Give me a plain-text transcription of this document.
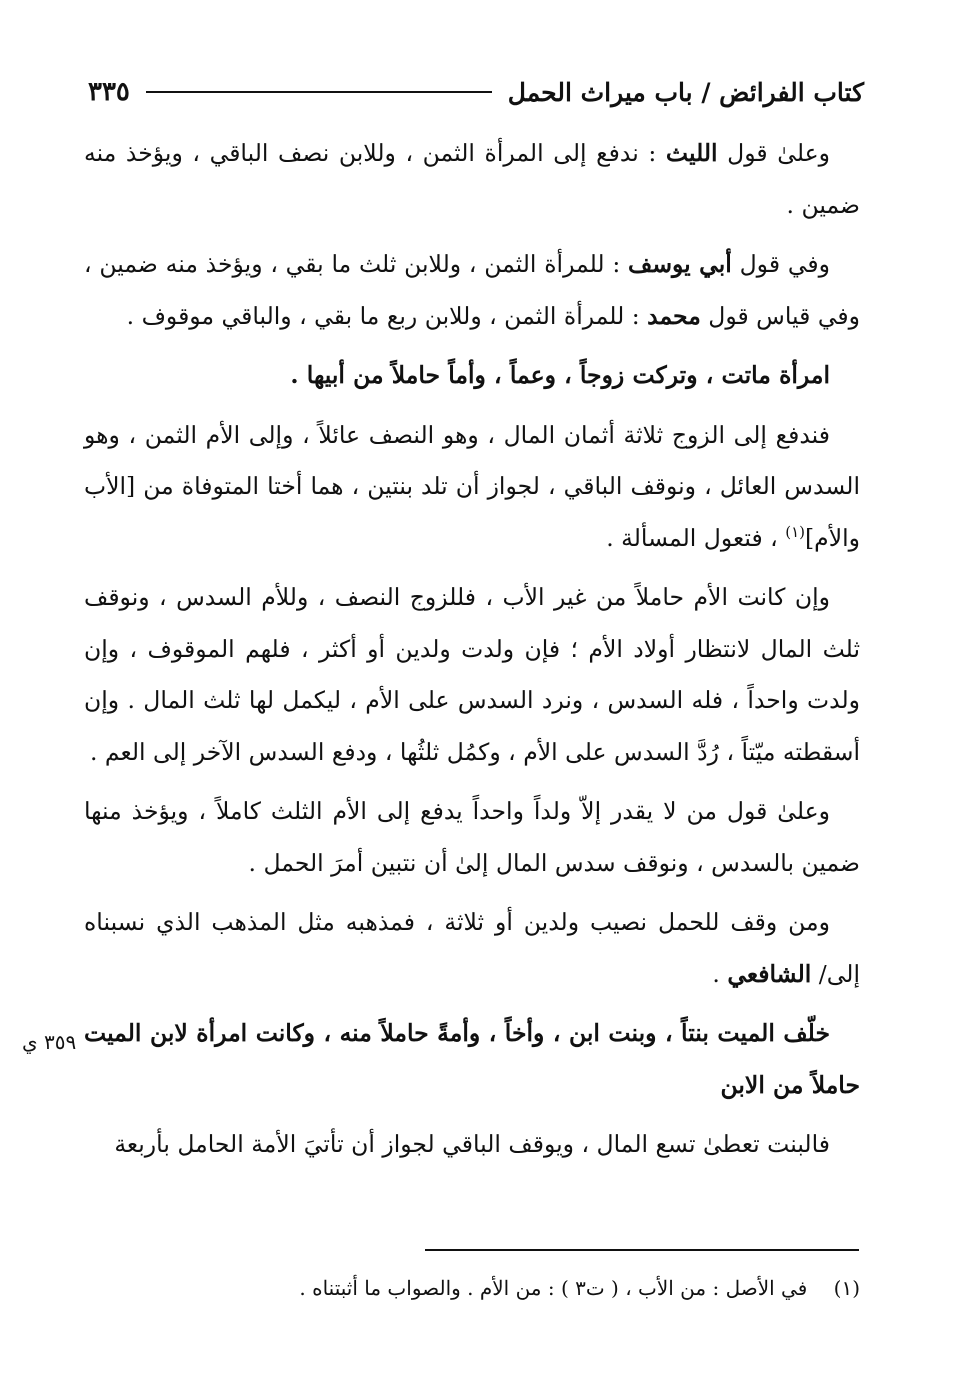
كتاب الفرائض / باب ميراث الحمل
٣٣٥

وعلىٰ قول الليث : ندفع إلى المرأة الثمن ، وللابن نصف الباقي ، ويؤخذ منه ضمين .

وفي قول أبي يوسف : للمرأة الثمن ، وللابن ثلث ما بقي ، ويؤخذ منه ضمين ، وفي قياس قول محمد : للمرأة الثمن ، وللابن ربع ما بقي ، والباقي موقوف .

امرأة ماتت ، وتركت زوجاً ، وعماً ، وأماً حاملاً من أبيها .

فندفع إلى الزوج ثلاثة أثمان المال ، وهو النصف عائلاً ، وإلى الأم الثمن ، وهو السدس العائل ، ونوقف الباقي ، لجواز أن تلد بنتين ، هما أختا المتوفاة من [الأب والأم]$^{(١)}$ ، فتعول المسألة .

وإن كانت الأم حاملاً من غير الأب ، فللزوج النصف ، وللأم السدس ، ونوقف ثلث المال لانتظار أولاد الأم ؛ فإن ولدت ولدين أو أكثر ، فلهم الموقوف ، وإن ولدت واحداً ، فله السدس ، ونرد السدس على الأم ، ليكمل لها ثلث المال . وإن أسقطته ميّتاً ، رُدَّ السدس على الأم ، وكمُل ثلثُها ، ودفع السدس الآخر إلى العم .

وعلىٰ قول من لا يقدر إلاّ ولداً واحداً يدفع إلى الأم الثلث كاملاً ، ويؤخذ منها ضمين بالسدس ، ونوقف سدس المال إلىٰ أن نتبين أمرَ الحمل .

ومن وقف للحمل نصيب ولدين أو ثلاثة ، فمذهبه مثل المذهب الذي نسبناه إلى/ الشافعي .

خلّف الميت بنتاً ، وبنت ابن ، وأخاً ، وأمةً حاملاً منه ، وكانت امرأة لابن الميت حاملاً من الابن

فالبنت تعطىٰ تسع المال ، ويوقف الباقي لجواز أن تأتيَ الأمة الحامل بأربعة

٣٥٩ ي
(١) في الأصل : من الأب ، ( ت٣ ) : من الأم . والصواب ما أثبتناه .
